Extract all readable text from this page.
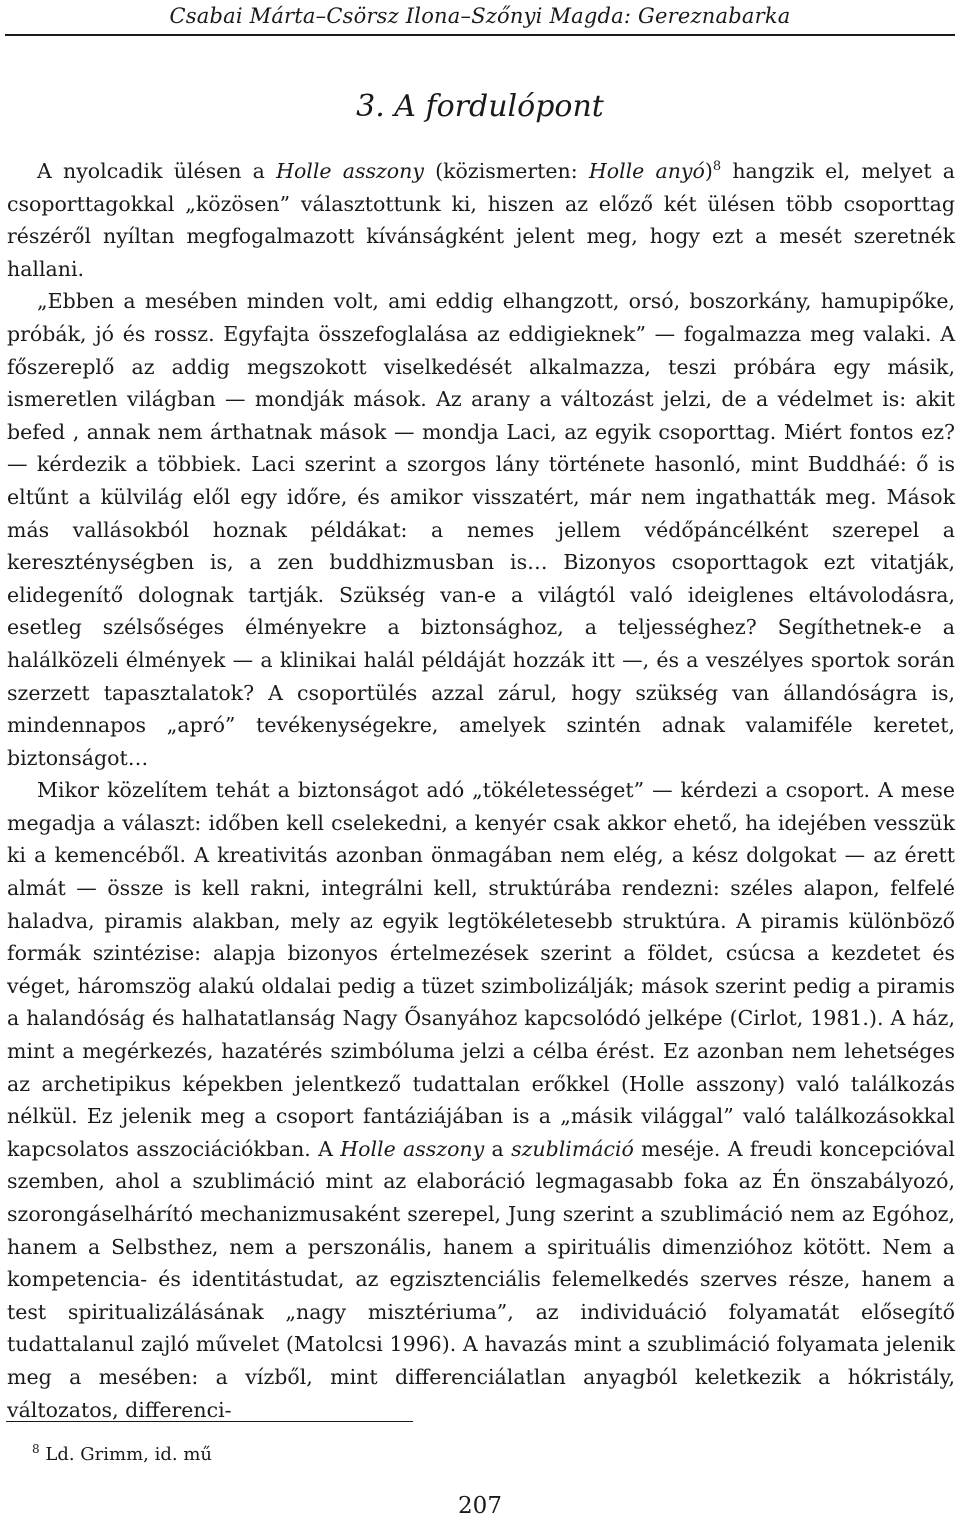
Csabai Márta–Csörsz Ilona–Szőnyi Magda: Gereznabarka
3. A fordulópont

A nyolcadik ülésen a Holle asszony (közismerten: Holle anyó)$^8$ hangzik el, melyet a csoporttagokkal „közösen” választottunk ki, hiszen az előző két ülésen több csoporttag részéről nyíltan megfogalmazott kívánságként jelent meg, hogy ezt a mesét szeretnék hallani.

„Ebben a mesében minden volt, ami eddig elhangzott, orsó, boszorkány, hamupipőke, próbák, jó és rossz. Egyfajta összefoglalása az eddigieknek” — fogalmazza meg valaki. A főszereplő az addig megszokott viselkedését alkalmazza, teszi próbára egy másik, ismeretlen világban — mondják mások. Az arany a változást jelzi, de a védelmet is: akit befed , annak nem árthatnak mások — mondja Laci, az egyik csoporttag. Miért fontos ez? — kérdezik a többiek. Laci szerint a szorgos lány története hasonló, mint Buddháé: ő is eltűnt a külvilág elől egy időre, és amikor visszatért, már nem ingathatták meg. Mások más vallásokból hoznak példákat: a nemes jellem védőpáncélként szerepel a kereszténységben is, a zen buddhizmusban is… Bizonyos csoporttagok ezt vitatják, elidegenítő dolognak tartják. Szükség van-e a világtól való ideiglenes eltávolodásra, esetleg szélsőséges élményekre a biztonsághoz, a teljességhez? Segíthetnek-e a halálközeli élmények — a klinikai halál példáját hozzák itt —, és a veszélyes sportok során szerzett tapasztalatok? A csoportülés azzal zárul, hogy szükség van állandóságra is, mindennapos „apró” tevékenységekre, amelyek szintén adnak valamiféle keretet, biztonságot…

Mikor közelítem tehát a biztonságot adó „tökéletességet” — kérdezi a csoport. A mese megadja a választ: időben kell cselekedni, a kenyér csak akkor ehető, ha idejében vesszük ki a kemencéből. A kreativitás azonban önmagában nem elég, a kész dolgokat — az érett almát — össze is kell rakni, integrálni kell, struktúrába rendezni: széles alapon, felfelé haladva, piramis alakban, mely az egyik legtökéletesebb struktúra. A piramis különböző formák szintézise: alapja bizonyos értelmezések szerint a földet, csúcsa a kezdetet és véget, háromszög alakú oldalai pedig a tüzet szimbolizálják; mások szerint pedig a piramis a halandóság és halhatatlanság Nagy Ősanyához kapcsolódó jelképe (Cirlot, 1981.). A ház, mint a megérkezés, hazatérés szimbóluma jelzi a célba érést. Ez azonban nem lehetséges az archetipikus képekben jelentkező tudattalan erőkkel (Holle asszony) való találkozás nélkül. Ez jelenik meg a csoport fantáziájában is a „másik világgal” való találkozásokkal kapcsolatos asszociációkban. A Holle asszony a szublimáció meséje. A freudi koncepcióval szemben, ahol a szublimáció mint az elaboráció legmagasabb foka az Én önszabályozó, szorongáselhárító mechanizmusaként szerepel, Jung szerint a szublimáció nem az Egóhoz, hanem a Selbsthez, nem a perszonális, hanem a spirituális dimenzióhoz kötött. Nem a kompetencia- és identitástudat, az egzisztenciális felemelkedés szerves része, hanem a test spiritualizálásának „nagy misztériuma”, az individuáció folyamatát elősegítő tudattalanul zajló művelet (Matolcsi 1996). A havazás mint a szublimáció folyamata jelenik meg a mesében: a vízből, mint differenciálatlan anyagból keletkezik a hókristály, változatos, differenci-

$^8$ Ld. Grimm, id. mű
207
